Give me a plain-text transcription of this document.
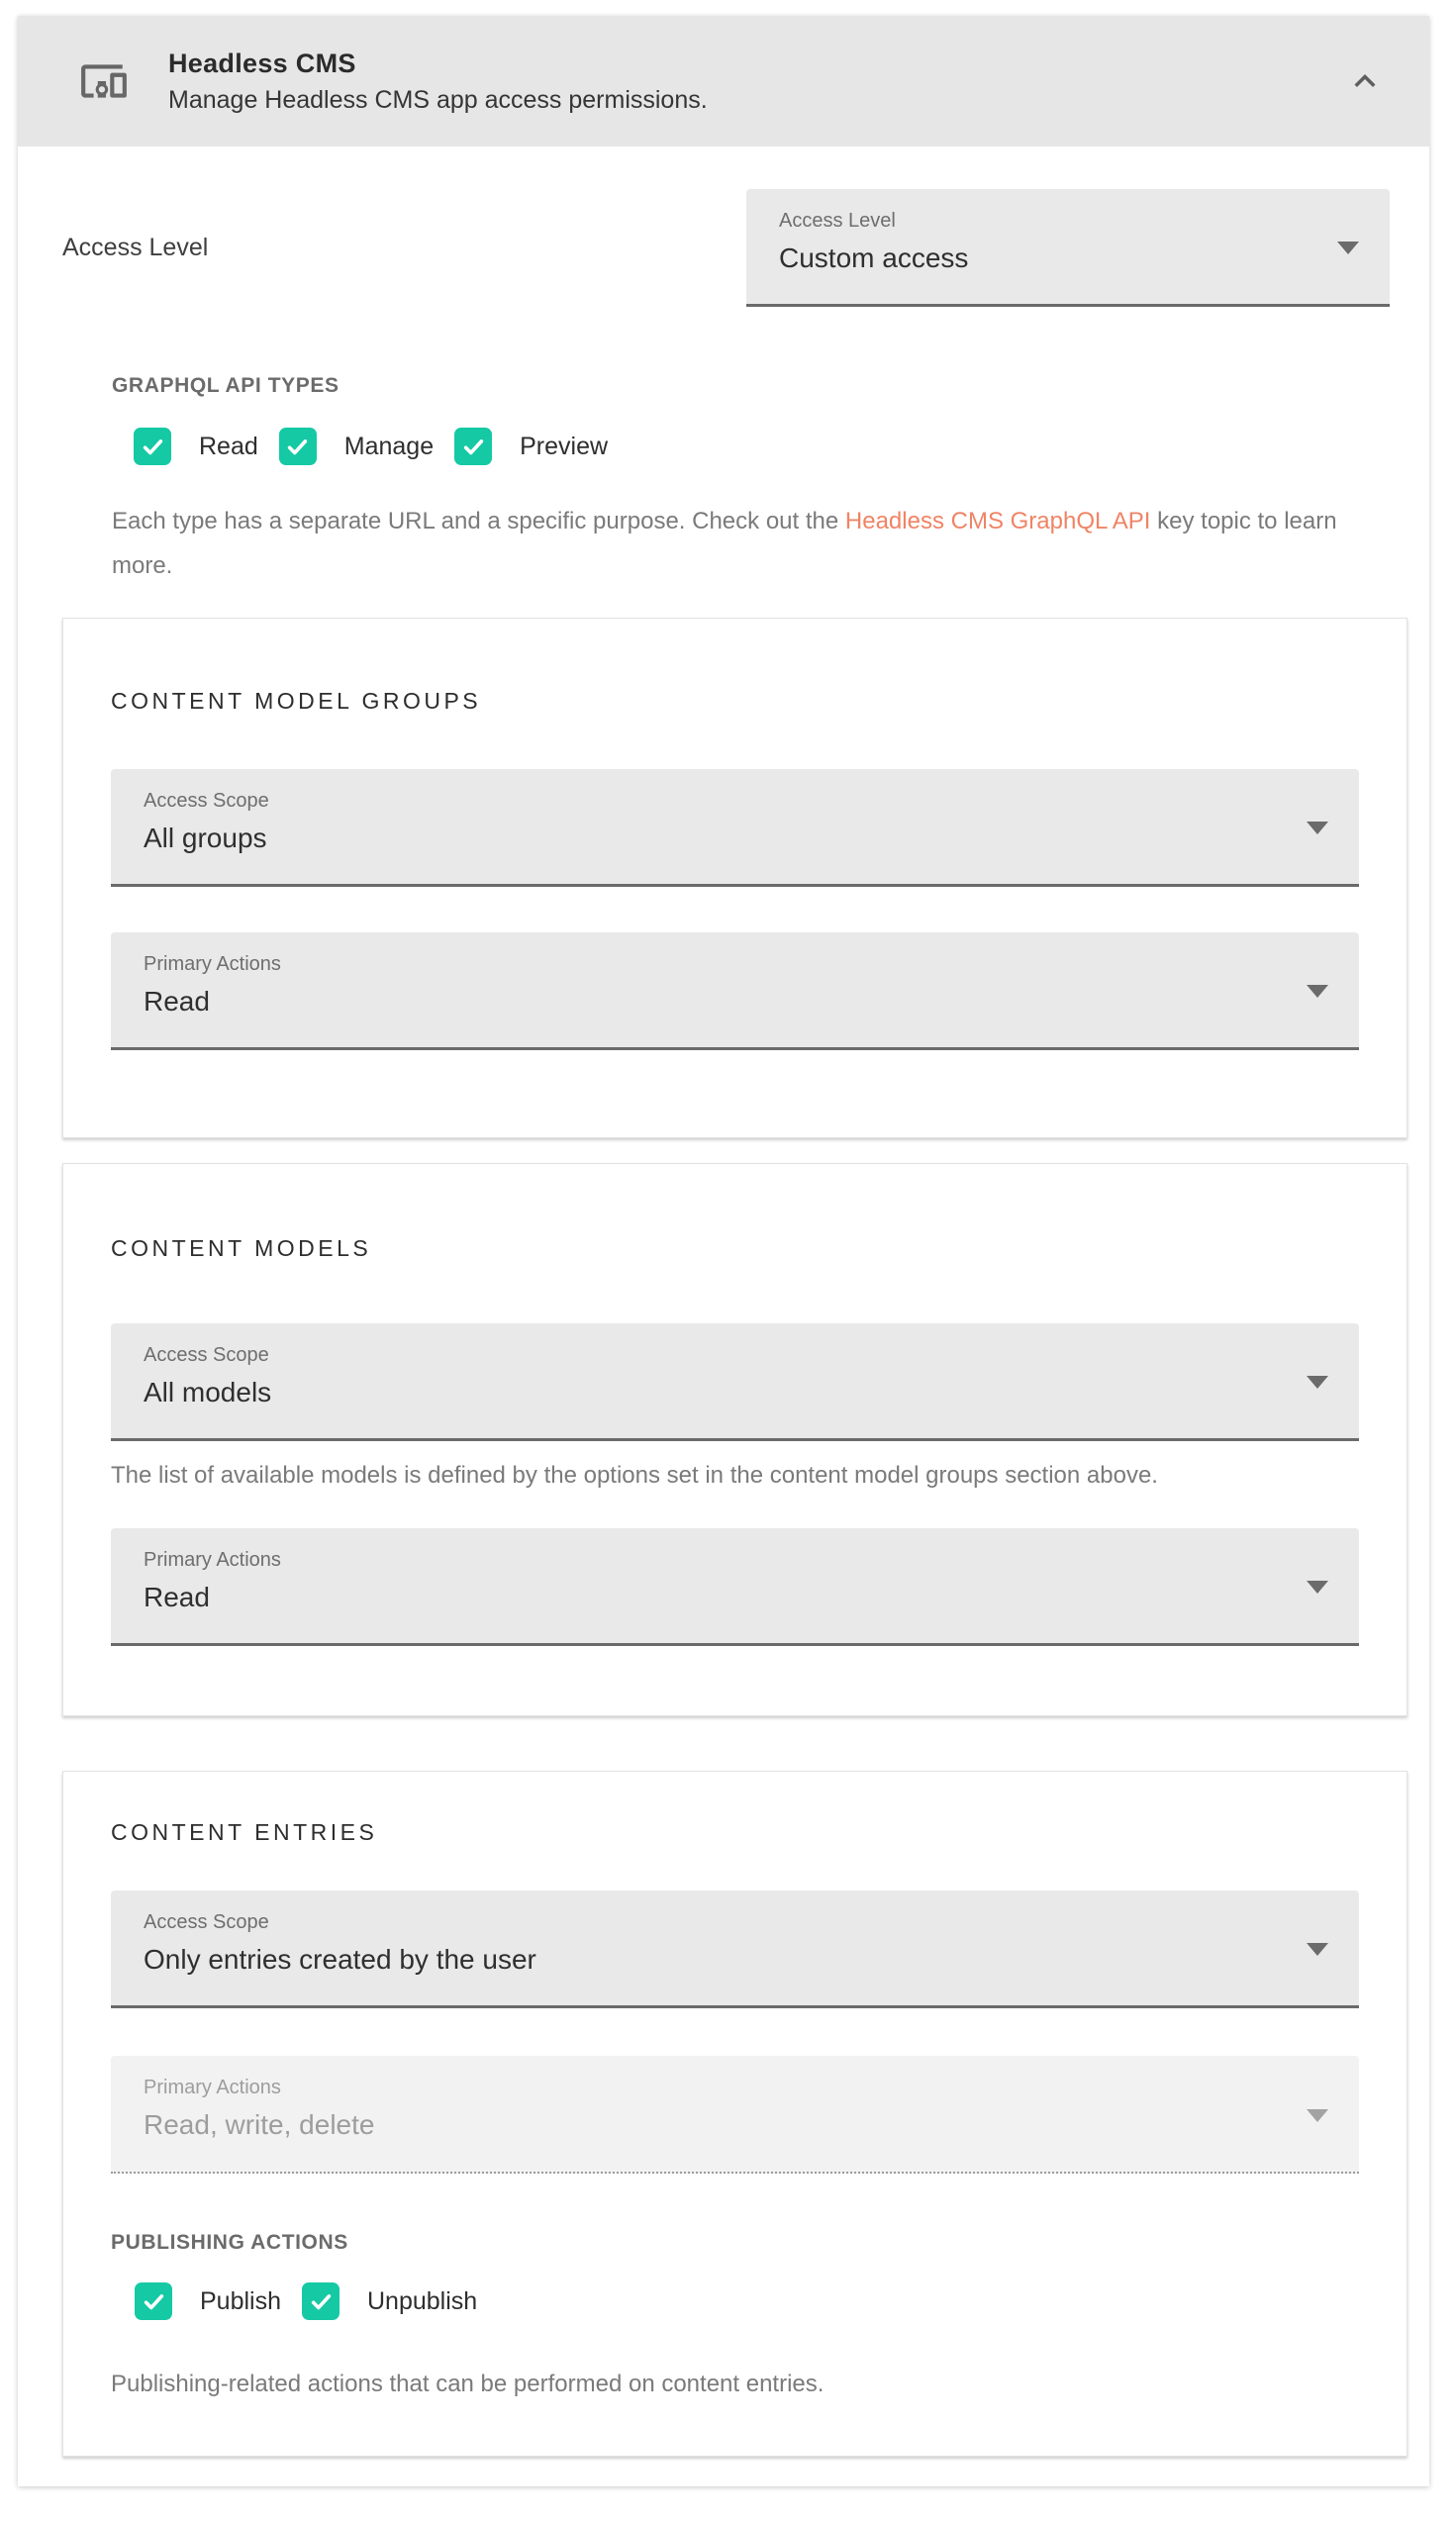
Headless CMS
Manage Headless CMS app access permissions.
Access Level
Access Level
Custom access
GRAPHQL API TYPES
Read	Manage	Preview
Each type has a separate URL and a specific purpose. Check out the Headless CMS GraphQL API key topic to learn more.
CONTENT MODEL GROUPS
Access Scope
All groups
Primary Actions
Read
CONTENT MODELS
Access Scope
All models
The list of available models is defined by the options set in the content model groups section above.
Primary Actions
Read
CONTENT ENTRIES
Access Scope
Only entries created by the user
Primary Actions
Read, write, delete
PUBLISHING ACTIONS
Publish	Unpublish
Publishing-related actions that can be performed on content entries.
